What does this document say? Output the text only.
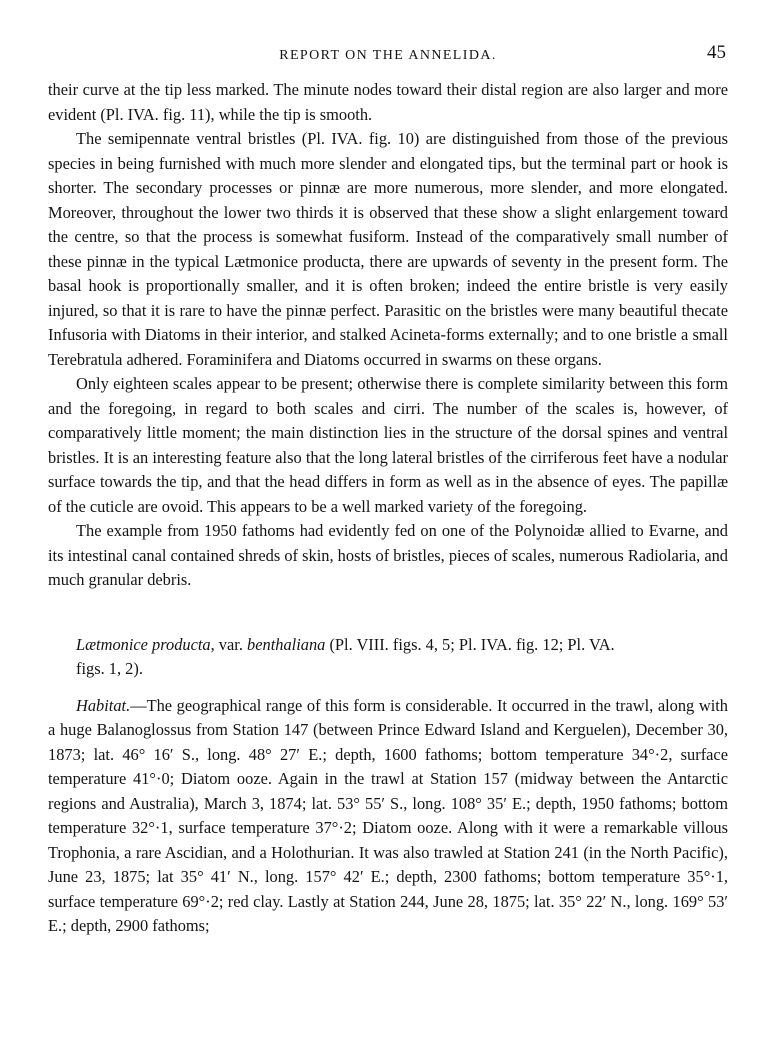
REPORT ON THE ANNELIDA.	45

their curve at the tip less marked. The minute nodes toward their distal region are also larger and more evident (Pl. IVA. fig. 11), while the tip is smooth.

The semipennate ventral bristles (Pl. IVA. fig. 10) are distinguished from those of the previous species in being furnished with much more slender and elongated tips, but the terminal part or hook is shorter. The secondary processes or pinnæ are more numerous, more slender, and more elongated. Moreover, throughout the lower two thirds it is observed that these show a slight enlargement toward the centre, so that the process is somewhat fusiform. Instead of the comparatively small number of these pinnæ in the typical Lætmonice producta, there are upwards of seventy in the present form. The basal hook is proportionally smaller, and it is often broken; indeed the entire bristle is very easily injured, so that it is rare to have the pinnæ perfect. Parasitic on the bristles were many beautiful thecate Infusoria with Diatoms in their interior, and stalked Acineta-forms externally; and to one bristle a small Terebratula adhered. Foraminifera and Diatoms occurred in swarms on these organs.

Only eighteen scales appear to be present; otherwise there is complete similarity between this form and the foregoing, in regard to both scales and cirri. The number of the scales is, however, of comparatively little moment; the main distinction lies in the structure of the dorsal spines and ventral bristles. It is an interesting feature also that the long lateral bristles of the cirriferous feet have a nodular surface towards the tip, and that the head differs in form as well as in the absence of eyes. The papillæ of the cuticle are ovoid. This appears to be a well marked variety of the foregoing.

The example from 1950 fathoms had evidently fed on one of the Polynoidæ allied to Evarne, and its intestinal canal contained shreds of skin, hosts of bristles, pieces of scales, numerous Radiolaria, and much granular debris.

Lætmonice producta, var. benthaliana (Pl. VIII. figs. 4, 5; Pl. IVA. fig. 12; Pl. VA.
figs. 1, 2).

Habitat.—The geographical range of this form is considerable. It occurred in the trawl, along with a huge Balanoglossus from Station 147 (between Prince Edward Island and Kerguelen), December 30, 1873; lat. 46° 16′ S., long. 48° 27′ E.; depth, 1600 fathoms; bottom temperature 34°·2, surface temperature 41°·0; Diatom ooze. Again in the trawl at Station 157 (midway between the Antarctic regions and Australia), March 3, 1874; lat. 53° 55′ S., long. 108° 35′ E.; depth, 1950 fathoms; bottom temperature 32°·1, surface temperature 37°·2; Diatom ooze. Along with it were a remarkable villous Trophonia, a rare Ascidian, and a Holothurian. It was also trawled at Station 241 (in the North Pacific), June 23, 1875; lat 35° 41′ N., long. 157° 42′ E.; depth, 2300 fathoms; bottom temperature 35°·1, surface temperature 69°·2; red clay. Lastly at Station 244, June 28, 1875; lat. 35° 22′ N., long. 169° 53′ E.; depth, 2900 fathoms;
